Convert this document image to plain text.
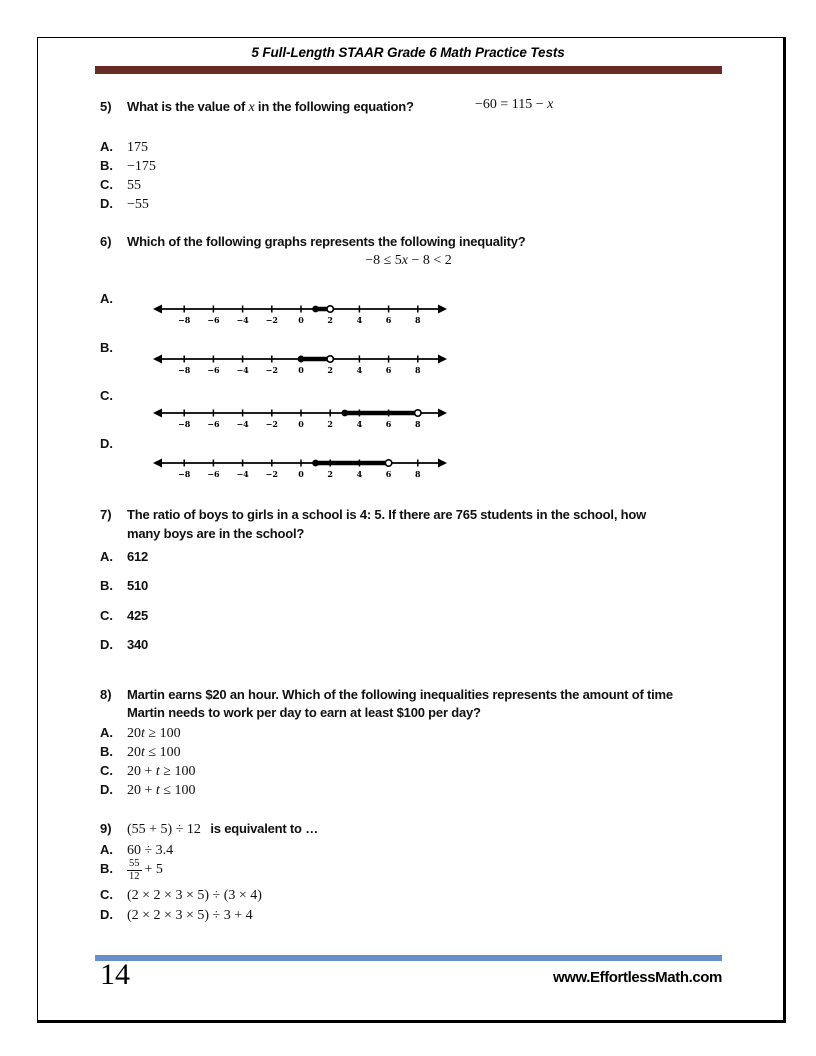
5 Full-Length STAAR Grade 6 Math Practice Tests
5) What is the value of x in the following equation?	−60 = 115 − x
A. 175
B. −175
C. 55
D. −55
6) Which of the following graphs represents the following inequality?
−8 ≤ 5x − 8 < 2
A.
−8 −6 −4 −2	0	2	4	6	8
B.
−8 −6 −4 −2	0	2	4	6	8
C.
−8 −6 −4 −2	0	2	4	6	8
D.
−8 −6 −4 −2	0	2	4	6	8
7) The ratio of boys to girls in a school is 4: 5. If there are 765 students in the school, how
many boys are in the school?
A. 612
B. 510
C. 425
D. 340
8) Martin earns $20 an hour. Which of the following inequalities represents the amount of time
Martin needs to work per day to earn at least $100 per day?
A. 20t ≥ 100
B. 20t ≤ 100
C. 20 + t ≥ 100
D. 20 + t ≤ 100
9) (55 + 5) ÷ 12 is equivalent to …
A. 60 ÷ 3.4
B. $\frac{55}{12} + 5$
C. (2 × 2 × 3 × 5) ÷ (3 × 4)
D. (2 × 2 × 3 × 5) ÷ 3 + 4
14	www.EffortlessMath.com
